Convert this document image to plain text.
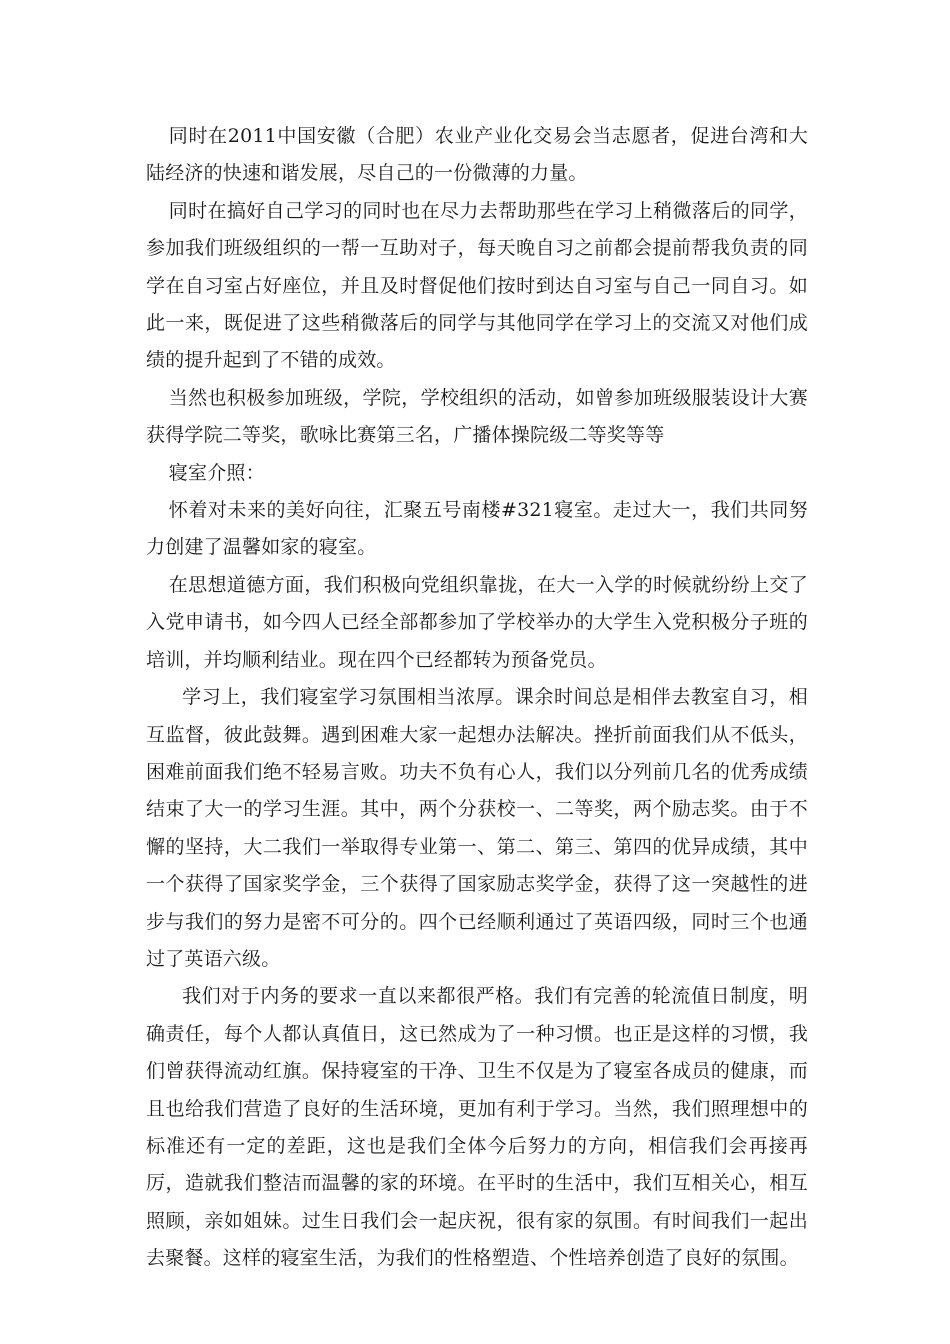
同时在2011中国安徽（合肥）农业产业化交易会当志愿者，促进台湾和大陆经济的快速和谐发展，尽自己的一份微薄的力量。

同时在搞好自己学习的同时也在尽力去帮助那些在学习上稍微落后的同学，参加我们班级组织的一帮一互助对子，每天晚自习之前都会提前帮我负责的同学在自习室占好座位，并且及时督促他们按时到达自习室与自己一同自习。如此一来，既促进了这些稍微落后的同学与其他同学在学习上的交流又对他们成绩的提升起到了不错的成效。

当然也积极参加班级，学院，学校组织的活动，如曾参加班级服装设计大赛获得学院二等奖，歌咏比赛第三名，广播体操院级二等奖等等

寝室介照：

怀着对未来的美好向往，汇聚五号南楼#321寝室。走过大一，我们共同努力创建了温馨如家的寝室。

在思想道德方面，我们积极向党组织靠拢，在大一入学的时候就纷纷上交了入党申请书，如今四人已经全部都参加了学校举办的大学生入党积极分子班的培训，并均顺利结业。现在四个已经都转为预备党员。

学习上，我们寝室学习氛围相当浓厚。课余时间总是相伴去教室自习，相互监督，彼此鼓舞。遇到困难大家一起想办法解决。挫折前面我们从不低头，困难前面我们绝不轻易言败。功夫不负有心人，我们以分列前几名的优秀成绩结束了大一的学习生涯。其中，两个分获校一、二等奖，两个励志奖。由于不懈的坚持，大二我们一举取得专业第一、第二、第三、第四的优异成绩，其中一个获得了国家奖学金，三个获得了国家励志奖学金，获得了这一突越性的进步与我们的努力是密不可分的。四个已经顺利通过了英语四级，同时三个也通过了英语六级。

我们对于内务的要求一直以来都很严格。我们有完善的轮流值日制度，明确责任，每个人都认真值日，这已然成为了一种习惯。也正是这样的习惯，我们曾获得流动红旗。保持寝室的干净、卫生不仅是为了寝室各成员的健康，而且也给我们营造了良好的生活环境，更加有利于学习。当然，我们照理想中的标准还有一定的差距，这也是我们全体今后努力的方向，相信我们会再接再厉，造就我们整洁而温馨的家的环境。在平时的生活中，我们互相关心，相互照顾，亲如姐妹。过生日我们会一起庆祝，很有家的氛围。有时间我们一起出去聚餐。这样的寝室生活，为我们的性格塑造、个性培养创造了良好的氛围。
